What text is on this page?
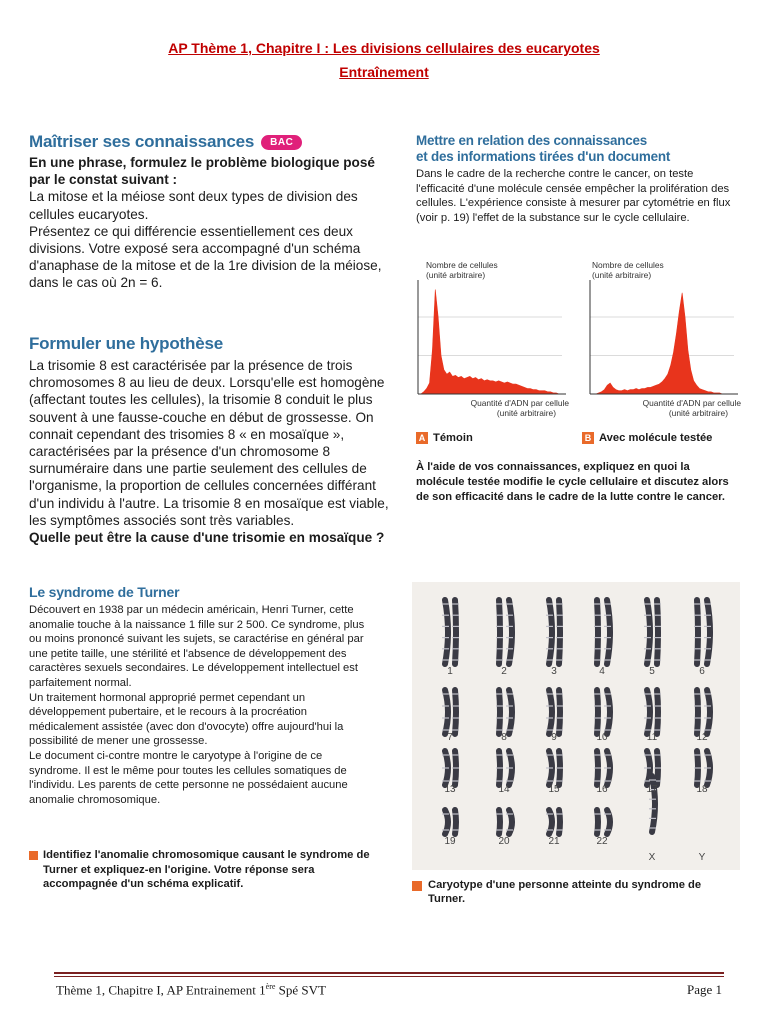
AP Thème 1, Chapitre I : Les divisions cellulaires des eucaryotes
Entraînement
Maîtriser ses connaissances	BAC

En une phrase, formulez le problème biologique posé par le constat suivant :

La mitose et la méiose sont deux types de division des cellules eucaryotes.

Présentez ce qui différencie essentiellement ces deux divisions. Votre exposé sera accompagné d'un schéma d'anaphase de la mitose et de la 1re division de la méiose, dans le cas où 2n = 6.

Formuler une hypothèse

La trisomie 8 est caractérisée par la présence de trois chromosomes 8 au lieu de deux. Lorsqu'elle est homogène (affectant toutes les cellules), la trisomie 8 conduit le plus souvent à une fausse-couche en début de grossesse. On connait cependant des trisomies 8 « en mosaïque », caractérisées par la présence d'un chromosome 8 surnuméraire dans une partie seulement des cellules de l'organisme, la proportion de cellules concernées différant d'un individu à l'autre. La trisomie 8 en mosaïque est viable, les symptômes associés sont très variables.

Quelle peut être la cause d'une trisomie en mosaïque ?

Mettre en relation des connaissances
et des informations tirées d'un document
Dans le cadre de la recherche contre le cancer, on teste l'efficacité d'une molécule censée empêcher la prolifération des cellules. L'expérience consiste à mesurer par cytométrie en flux (voir p. 19) l'effet de la substance sur le cycle cellulaire.
Nombre de cellules
(unité arbitraire)
Quantité d'ADN par cellule
(unité arbitraire)
Nombre de cellules
(unité arbitraire)
Quantité d'ADN par cellule
(unité arbitraire)
A Témoin	B Avec molécule testée
À l'aide de vos connaissances, expliquez en quoi la molécule testée modifie le cycle cellulaire et discutez alors de son efficacité dans le cadre de la lutte contre le cancer.
Le syndrome de Turner

Découvert en 1938 par un médecin américain, Henri Turner, cette anomalie touche à la naissance 1 fille sur 2 500. Ce syndrome, plus ou moins prononcé suivant les sujets, se caractérise en général par une petite taille, une stérilité et l'absence de développement des caractères sexuels secondaires. Le développement intellectuel est parfaitement normal.

Un traitement hormonal approprié permet cependant un développement pubertaire, et le recours à la procréation médicalement assistée (avec don d'ovocyte) offre aujourd'hui la possibilité de mener une grossesse.

Le document ci-contre montre le caryotype à l'origine de ce syndrome. Il est le même pour toutes les cellules somatiques de l'individu. Les parents de cette personne ne possédaient aucune anomalie chromosomique.

Identifiez l'anomalie chromosomique causant le syndrome de Turner et expliquez-en l'origine. Votre réponse sera accompagnée d'un schéma explicatif.
1	2	3	4	5	6
7	8	9	10	11	12
13	14	15	16	17	18
19	20	21	22
X	Y
Caryotype d'une personne atteinte du syndrome de Turner.
Thème 1, Chapitre I, AP Entrainement 1ère Spé SVT	Page 1
